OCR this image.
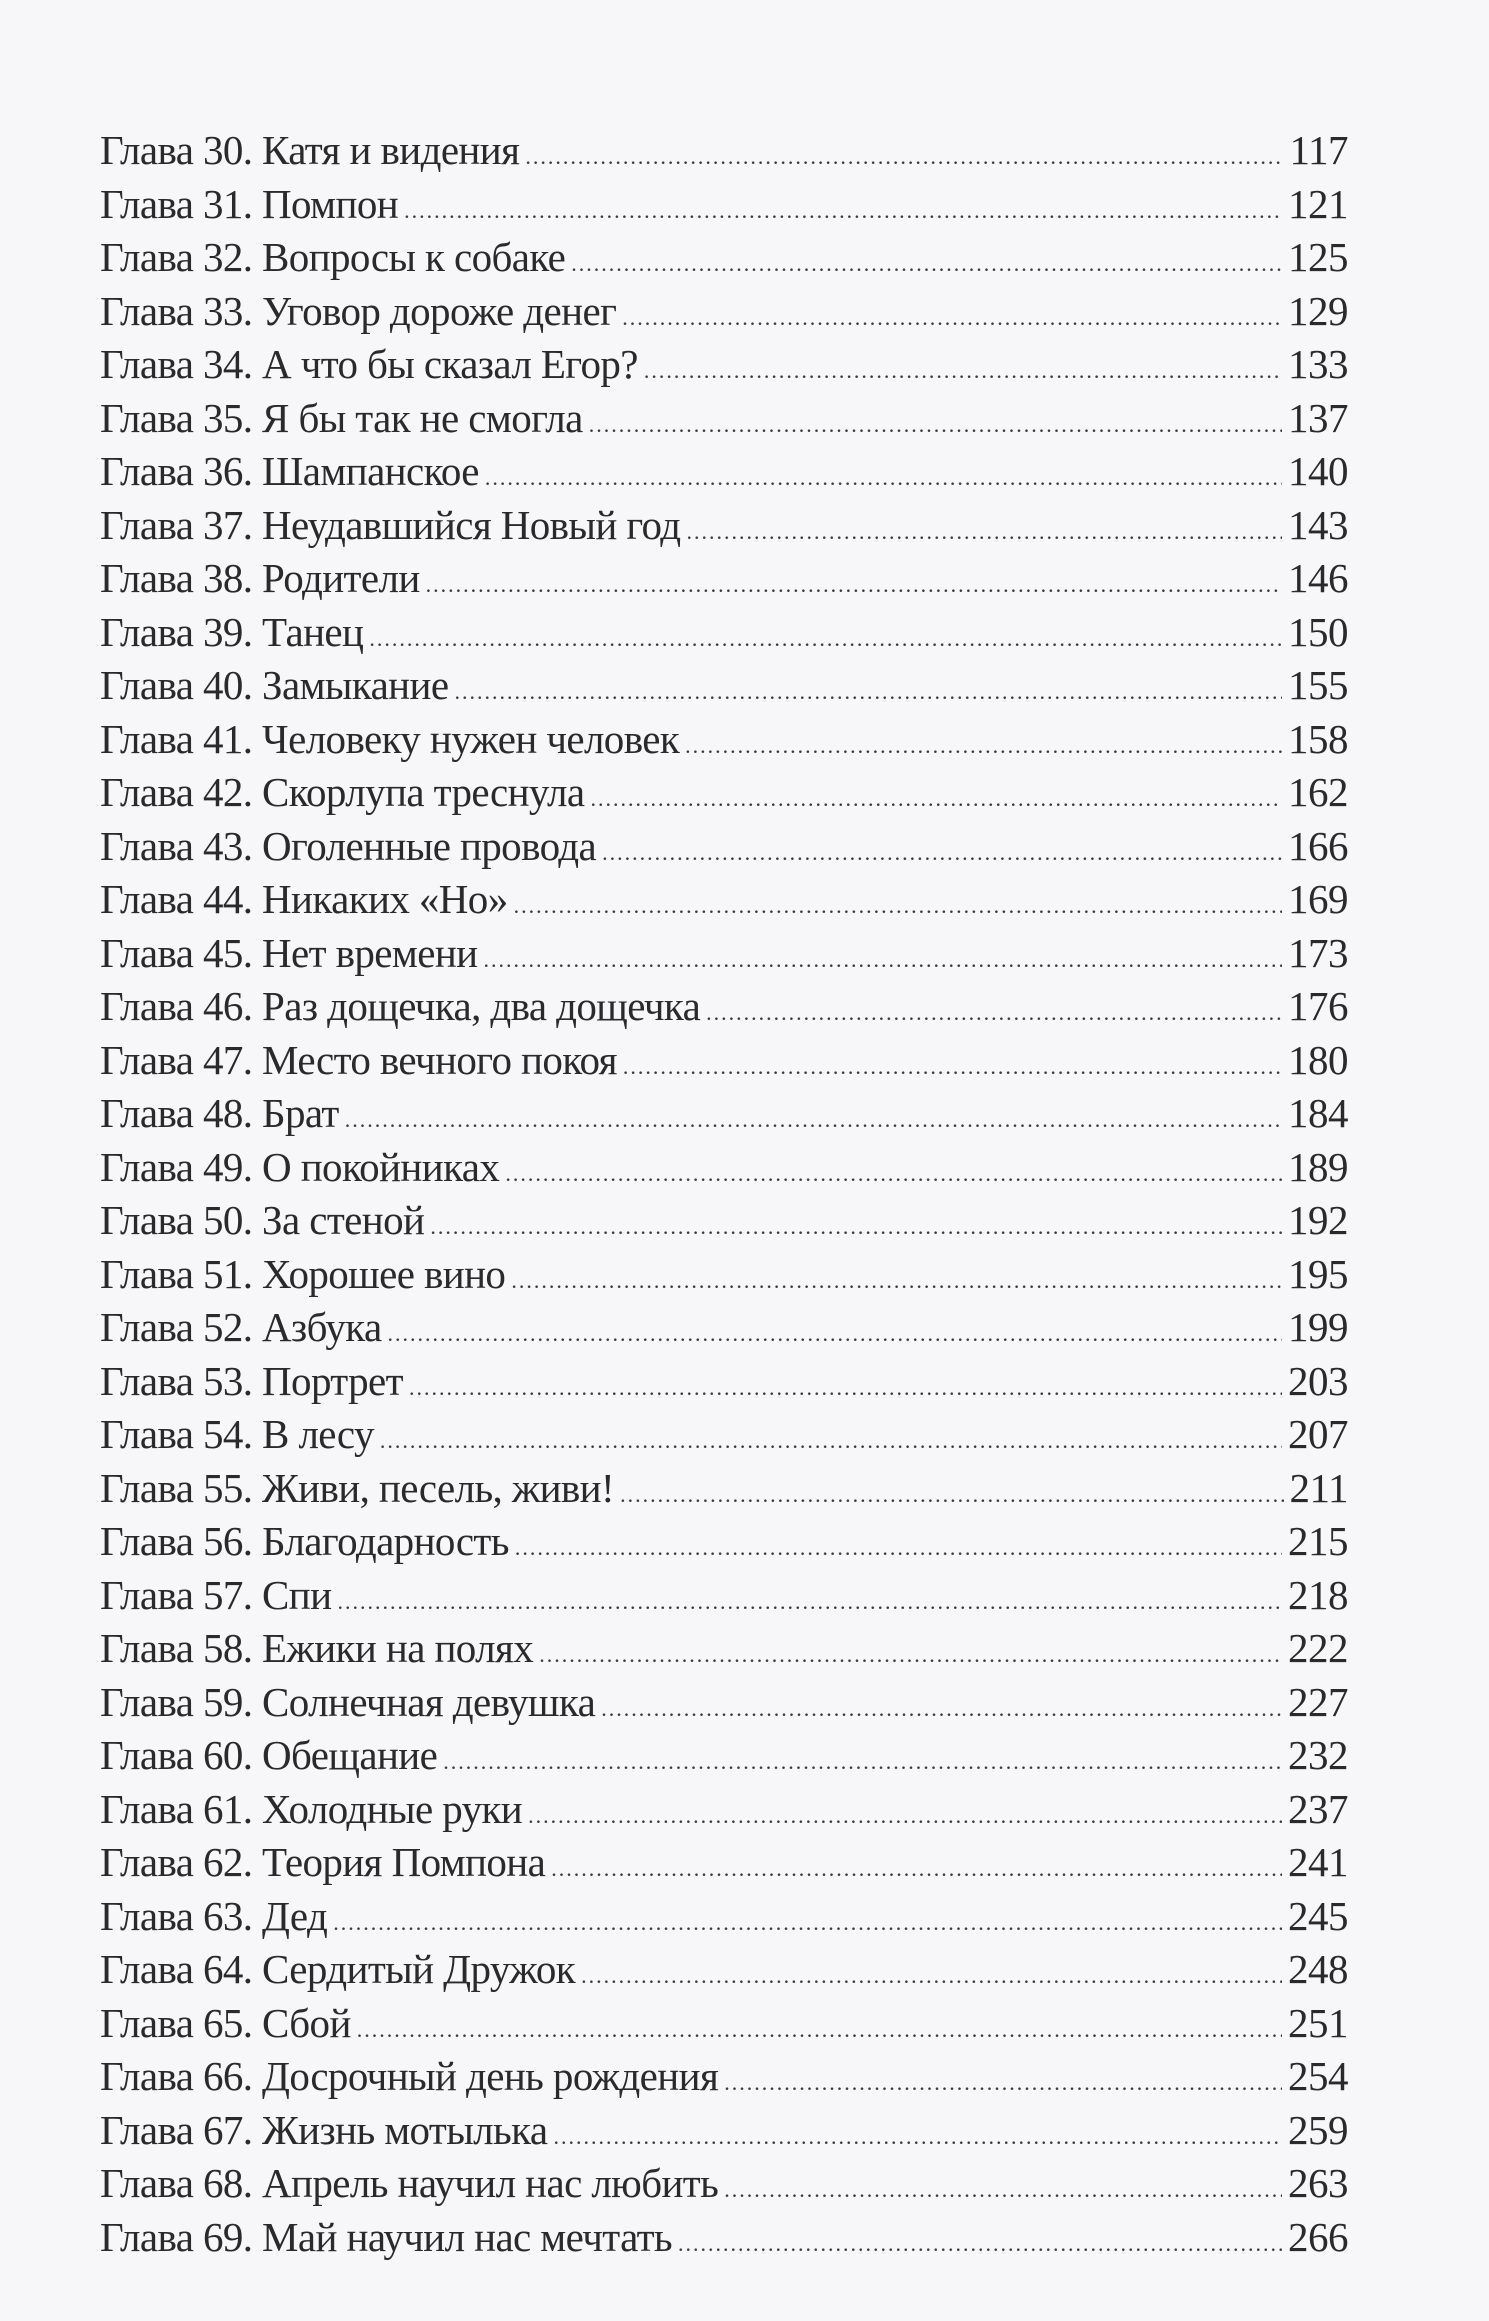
Глава 30. Катя и видения .....	117
Глава 31. Помпон .....	121
Глава 32. Вопросы к собаке .....	125
Глава 33. Уговор дороже денег .....	129
Глава 34. А что бы сказал Егор? .....	133
Глава 35. Я бы так не смогла .....	137
Глава 36. Шампанское .....	140
Глава 37. Неудавшийся Новый год .....	143
Глава 38. Родители .....	146
Глава 39. Танец .....	150
Глава 40. Замыкание .....	155
Глава 41. Человеку нужен человек .....	158
Глава 42. Скорлупа треснула .....	162
Глава 43. Оголенные провода .....	166
Глава 44. Никаких «Но» .....	169
Глава 45. Нет времени .....	173
Глава 46. Раз дощечка, два дощечка .....	176
Глава 47. Место вечного покоя .....	180
Глава 48. Брат .....	184
Глава 49. О покойниках .....	189
Глава 50. За стеной .....	192
Глава 51. Хорошее вино .....	195
Глава 52. Азбука .....	199
Глава 53. Портрет .....	203
Глава 54. В лесу .....	207
Глава 55. Живи, песель, живи! .....	211
Глава 56. Благодарность .....	215
Глава 57. Спи .....	218
Глава 58. Ежики на полях .....	222
Глава 59. Солнечная девушка .....	227
Глава 60. Обещание .....	232
Глава 61. Холодные руки .....	237
Глава 62. Теория Помпона .....	241
Глава 63. Дед .....	245
Глава 64. Сердитый Дружок .....	248
Глава 65. Сбой .....	251
Глава 66. Досрочный день рождения .....	254
Глава 67. Жизнь мотылька .....	259
Глава 68. Апрель научил нас любить .....	263
Глава 69. Май научил нас мечтать .....	266
